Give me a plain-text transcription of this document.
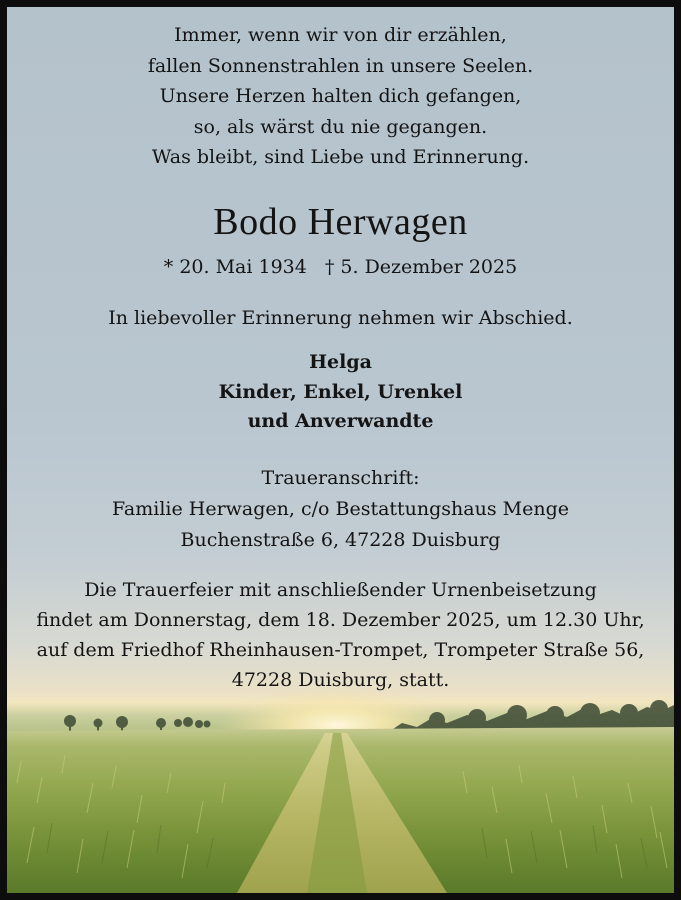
Immer, wenn wir von dir erzählen,
fallen Sonnenstrahlen in unsere Seelen.
Unsere Herzen halten dich gefangen,
so, als wärst du nie gegangen.
Was bleibt, sind Liebe und Erinnerung.
Bodo Herwagen
* 20. Mai 1934 † 5. Dezember 2025
In liebevoller Erinnerung nehmen wir Abschied.
Helga
Kinder, Enkel, Urenkel
und Anverwandte
Traueranschrift:
Familie Herwagen, c/o Bestattungshaus Menge
Buchenstraße 6, 47228 Duisburg
Die Trauerfeier mit anschließender Urnenbeisetzung
findet am Donnerstag, dem 18. Dezember 2025, um 12.30 Uhr,
auf dem Friedhof Rheinhausen-Trompet, Trompeter Straße 56,
47228 Duisburg, statt.
